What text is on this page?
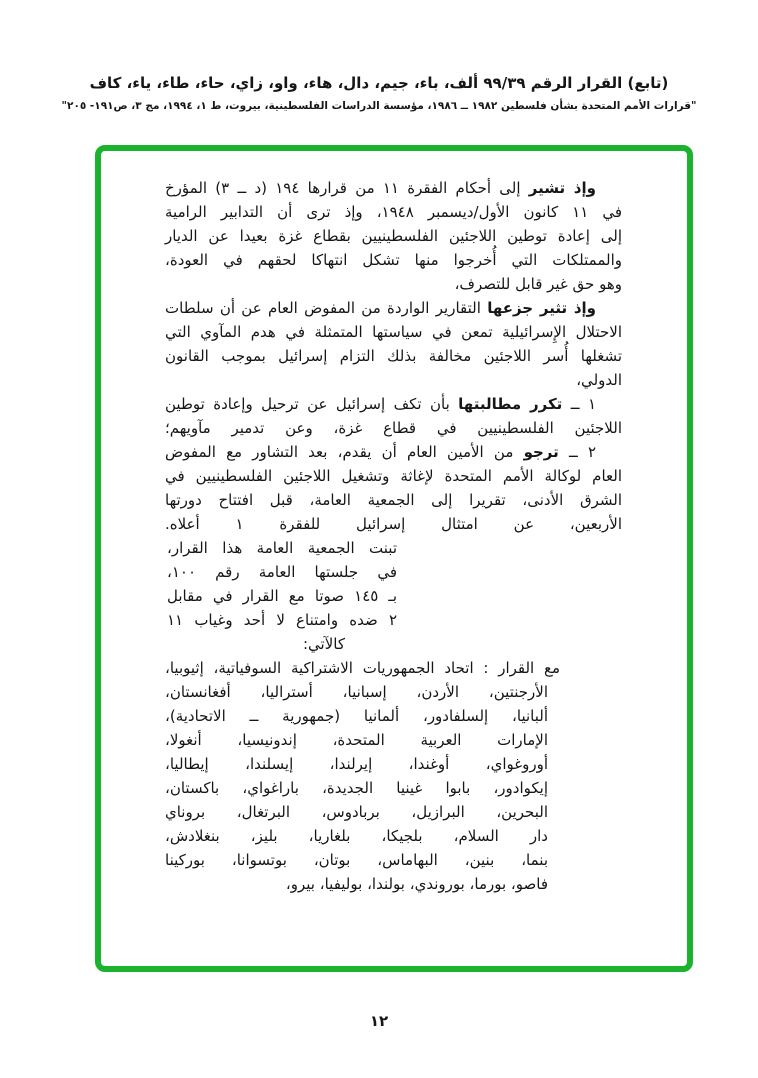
(تابع) القرار الرقم ٩٩/٣٩ ألف، باء، جيم، دال، هاء، واو، زاي، حاء، طاء، ياء، كاف
"قرارات الأمم المتحدة بشأن فلسطين ١٩٨٢ ــ ١٩٨٦، مؤسسة الدراسات الفلسطينية، بيروت، ط ١، ١٩٩٤، مج ٣، ص١٩١- ٢٠٥"
وإذ تشير إلى أحكام الفقرة ١١ من قرارها ١٩٤ (د ــ ٣) المؤرخ
في ١١ كانون الأول/ديسمبر ١٩٤٨، وإذ ترى أن التدابير الرامية
إلى إعادة توطين اللاجئين الفلسطينيين بقطاع غزة بعيدا عن الديار
والممتلكات التي أُخرجوا منها تشكل انتهاكا لحقهم في العودة،
وهو حق غير قابل للتصرف،
وإذ تثير جزعها التقارير الواردة من المفوض العام عن أن سلطات
الاحتلال الإِسرائيلية تمعن في سياستها المتمثلة في هدم المآوي التي
تشغلها أُسر اللاجئين مخالفة بذلك التزام إسرائيل بموجب القانون
الدولي،
١ ــ تكرر مطالبتها بأن تكف إسرائيل عن ترحيل وإعادة توطين
اللاجئين الفلسطينيين في قطاع غزة، وعن تدمير مآويهم؛
٢ ــ ترجو من الأمين العام أن يقدم، بعد التشاور مع المفوض
العام لوكالة الأمم المتحدة لإغاثة وتشغيل اللاجئين الفلسطينيين في
الشرق الأدنى، تقريرا إلى الجمعية العامة، قبل افتتاح دورتها
الأربعين، عن امتثال إسرائيل للفقرة ١ أعلاه.
تبنت الجمعية العامة هذا القرار،
في جلستها العامة رقم ١٠٠،
بـ ١٤٥ صوتا مع القرار في مقابل
٢ ضده وامتناع لا أحد وغياب ١١
كالآتي:
مع القرار : اتحاد الجمهوريات الاشتراكية السوفياتية، إثيوبيا،
الأرجنتين، الأردن، إسبانيا، أستراليا، أفغانستان،
ألبانيا، إلسلفادور، ألمانيا (جمهورية ــ الاتحادية)،
الإمارات العربية المتحدة، إندونيسيا، أنغولا،
أوروغواي، أوغندا، إيرلندا، إيسلندا، إيطاليا،
إيكوادور، بابوا غينيا الجديدة، باراغواي، باكستان،
البحرين، البرازيل، بربادوس، البرتغال، بروناي
دار السلام، بلجيكا، بلغاريا، بليز، بنغلادش،
بنما، بنين، البهاماس، بوتان، بوتسوانا، بوركينا
فاصو، بورما، بوروندي، بولندا، بوليفيا، بيرو،
١٢
